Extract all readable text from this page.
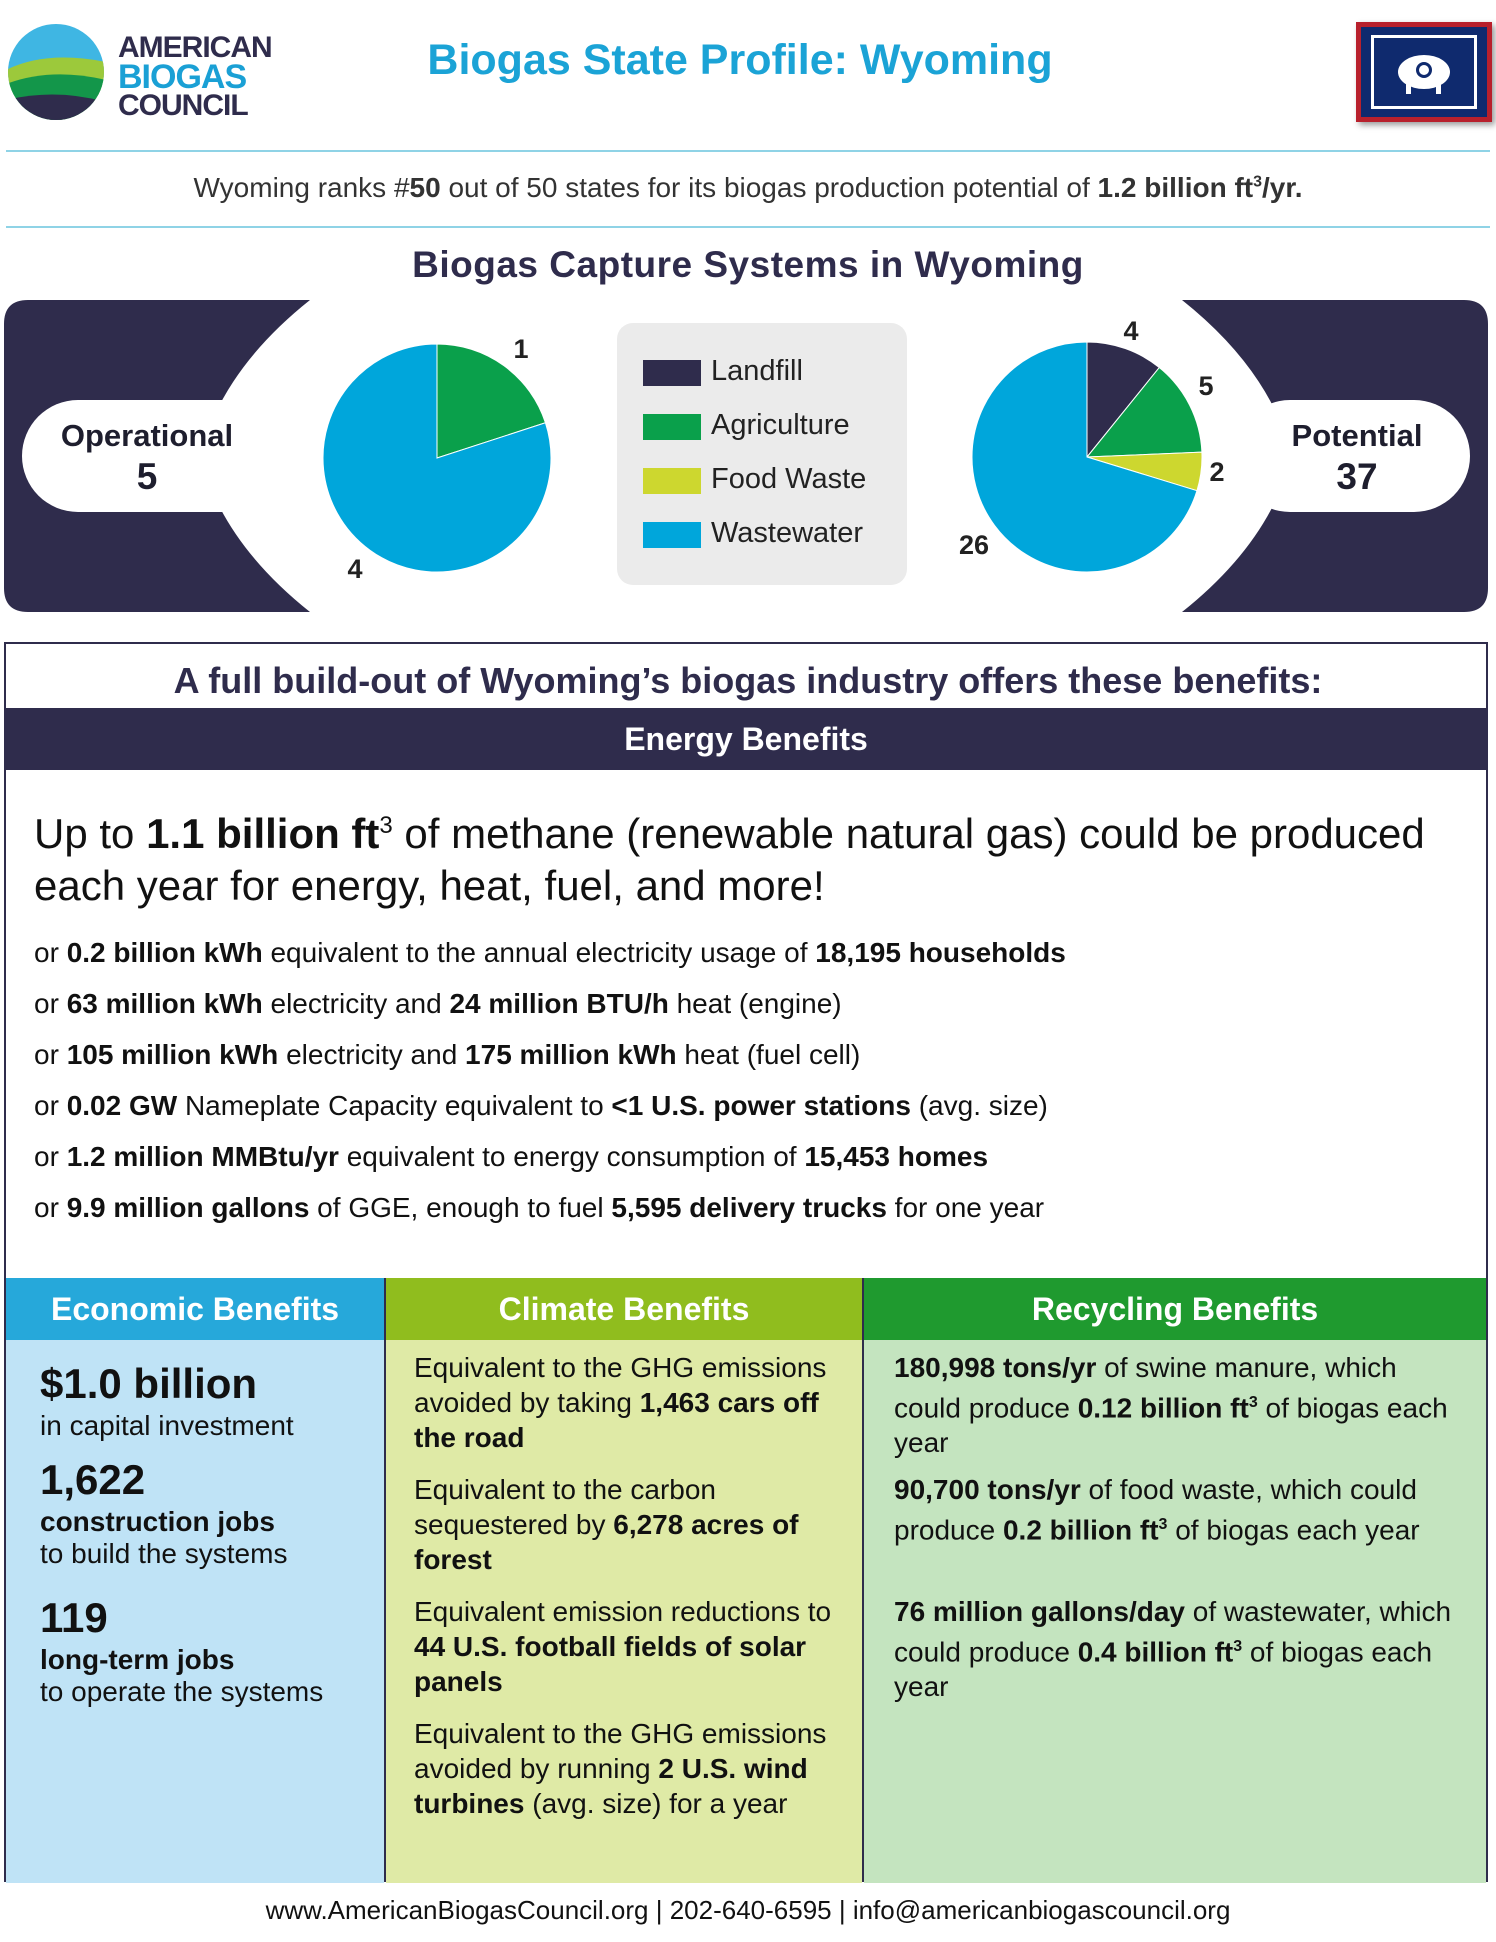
AMERICAN
BIOGAS
COUNCIL
Biogas State Profile: Wyoming
Wyoming ranks #50 out of 50 states for its biogas production potential of 1.2 billion $ft^3/yr$.
Biogas Capture Systems in Wyoming
Operational
5
Potential
37
1
4
4
5
2
26
Landfill
Agriculture
Food Waste
Wastewater
A full build-out of Wyoming’s biogas industry offers these benefits:
Energy Benefits
Up to 1.1 billion $ft^3$ of methane (renewable natural gas) could be produced each year for energy, heat, fuel, and more!
or 0.2 billion kWh equivalent to the annual electricity usage of 18,195 households
or 63 million kWh electricity and 24 million BTU/h heat (engine)
or 105 million kWh electricity and 175 million kWh heat (fuel cell)
or 0.02 GW Nameplate Capacity equivalent to <1 U.S. power stations (avg. size)
or 1.2 million MMBtu/yr equivalent to energy consumption of 15,453 homes
or 9.9 million gallons of GGE, enough to fuel 5,595 delivery trucks for one year
Economic Benefits	Climate Benefits	Recycling Benefits
$1.0 billion
in capital investment
1,622
construction jobs
to build the systems
119
long-term jobs
to operate the systems
Equivalent to the GHG emissions avoided by taking 1,463 cars off the road
Equivalent to the carbon sequestered by 6,278 acres of forest
Equivalent emission reductions to 44 U.S. football fields of solar panels
Equivalent to the GHG emissions avoided by running 2 U.S. wind turbines (avg. size) for a year
180,998 tons/yr of swine manure, which could produce 0.12 billion $ft^3$ of biogas each year
90,700 tons/yr of food waste, which could produce 0.2 billion $ft^3$ of biogas each year
76 million gallons/day of wastewater, which could produce 0.4 billion $ft^3$ of biogas each year
www.AmericanBiogasCouncil.org | 202-640-6595 | info@americanbiogascouncil.org
